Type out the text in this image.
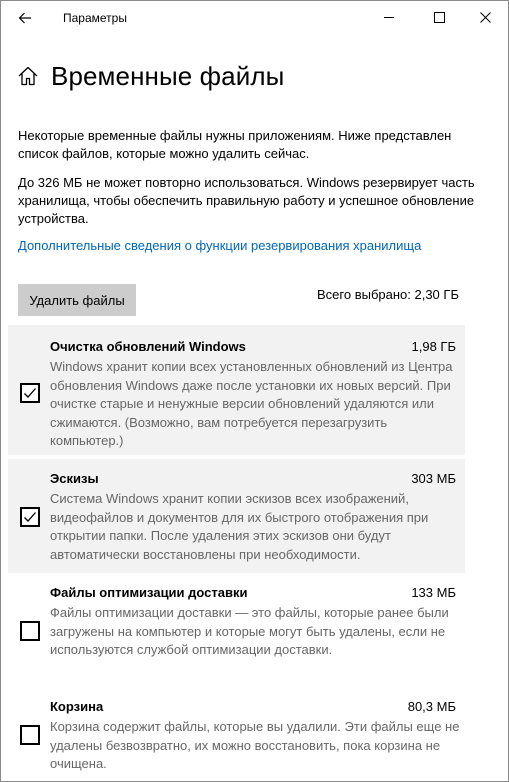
Параметры
Временные файлы
Некоторые временные файлы нужны приложениям. Ниже представлен список файлов, которые можно удалить сейчас.
До 326 МБ не может повторно использоваться. Windows резервирует часть хранилища, чтобы обеспечить правильную работу и успешное обновление устройства.
Дополнительные сведения о функции резервирования хранилища
Удалить файлы	Всего выбрано: 2,30 ГБ
Очистка обновлений Windows	1,98 ГБ
Windows хранит копии всех установленных обновлений из Центра обновления Windows даже после установки их новых версий. При очистке старые и ненужные версии обновлений удаляются или сжимаются. (Возможно, вам потребуется перезагрузить компьютер.)
Эскизы	303 МБ
Система Windows хранит копии эскизов всех изображений, видеофайлов и документов для их быстрого отображения при открытии папки. После удаления этих эскизов они будут автоматически восстановлены при необходимости.
Файлы оптимизации доставки	133 МБ
Файлы оптимизации доставки — это файлы, которые ранее были загружены на компьютер и которые могут быть удалены, если не используются службой оптимизации доставки.
Корзина	80,3 МБ
Корзина содержит файлы, которые вы удалили. Эти файлы еще не удалены безвозвратно, их можно восстановить, пока корзина не очищена.
